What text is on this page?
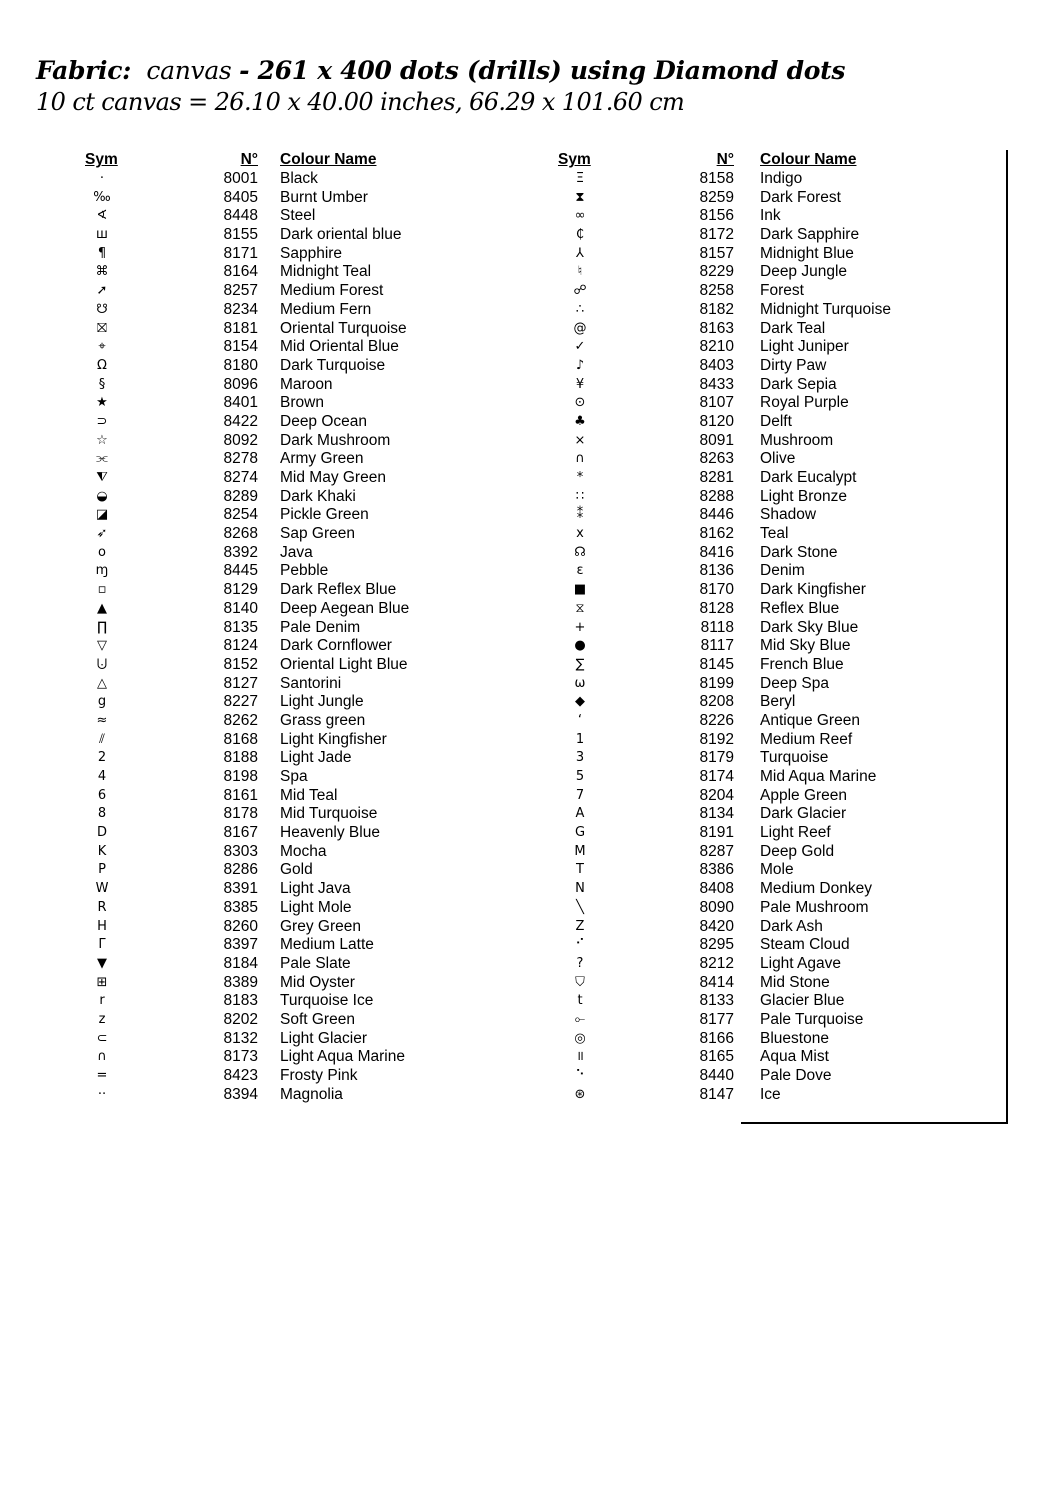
Fabric: canvas - 261 x 400 dots (drills) using Diamond dots
10 ct canvas = 26.10 x 40.00 inches, 66.29 x 101.60 cm
Sym	N° Colour Name
·	8001 Black
‰	8405 Burnt Umber
∢	8448 Steel
ш	8155 Dark oriental blue
¶	8171 Sapphire
⌘	8164 Midnight Teal
➚	8257 Medium Forest
☋	8234 Medium Fern
⛝	8181 Oriental Turquoise
⌖	8154 Mid Oriental Blue
Ω	8180 Dark Turquoise
§	8096 Maroon
★	8401 Brown
⊃	8422 Deep Ocean
☆	8092 Dark Mushroom
⫘	8278 Army Green
⧨	8274 Mid May Green
◒	8289 Dark Khaki
◪	8254 Pickle Green
➶	8268 Sap Green
o	8392 Java
ɱ	8445 Pebble
▫	8129 Dark Reflex Blue
▲	8140 Deep Aegean Blue
∏	8135 Pale Denim
▽	8124 Dark Cornflower
⨃	8152 Oriental Light Blue
△	8127 Santorini
g	8227 Light Jungle
≈	8262 Grass green
⫽	8168 Light Kingfisher
2	8188 Light Jade
4	8198 Spa
6	8161 Mid Teal
8	8178 Mid Turquoise
D	8167 Heavenly Blue
K	8303 Mocha
P	8286 Gold
W	8391 Light Java
R	8385 Light Mole
H	8260 Grey Green
Γ	8397 Medium Latte
▼	8184 Pale Slate
⊞	8389 Mid Oyster
r	8183 Turquoise Ice
z	8202 Soft Green
⊂	8132 Light Glacier
∩	8173 Light Aqua Marine
=	8423 Frosty Pink
··	8394 Magnolia
Sym	N° Colour Name
Ξ	8158 Indigo
⧗	8259 Dark Forest
∞	8156 Ink
₵	8172 Dark Sapphire
⅄	8157 Midnight Blue
♮	8229 Deep Jungle
☍	8258 Forest
∴	8182 Midnight Turquoise
@	8163 Dark Teal
✓	8210 Light Juniper
♪	8403 Dirty Paw
¥	8433 Dark Sepia
⊙	8107 Royal Purple
♣	8120 Delft
⨯	8091 Mushroom
∩	8263 Olive
*	8281 Dark Eucalypt
∷	8288 Light Bronze
⁑	8446 Shadow
x	8162 Teal
☊	8416 Dark Stone
ε	8136 Denim
■	8170 Dark Kingfisher
⧖	8128 Reflex Blue
+	8118 Dark Sky Blue
●	8117 Mid Sky Blue
∑	8145 French Blue
ω	8199 Deep Spa
◆	8208 Beryl
‘	8226 Antique Green
1	8192 Medium Reef
3	8179 Turquoise
5	8174 Mid Aqua Marine
7	8204 Apple Green
A	8134 Dark Glacier
G	8191 Light Reef
M	8287 Deep Gold
T	8386 Mole
N	8408 Medium Donkey
╲	8090 Pale Mushroom
Z	8420 Dark Ash
⠊	8295 Steam Cloud
?	8212 Light Agave
⛉	8414 Mid Stone
t	8133 Glacier Blue
⟜	8177 Pale Turquoise
◎	8166 Bluestone
॥	8165 Aqua Mist
⠑	8440 Pale Dove
⊛	8147 Ice
